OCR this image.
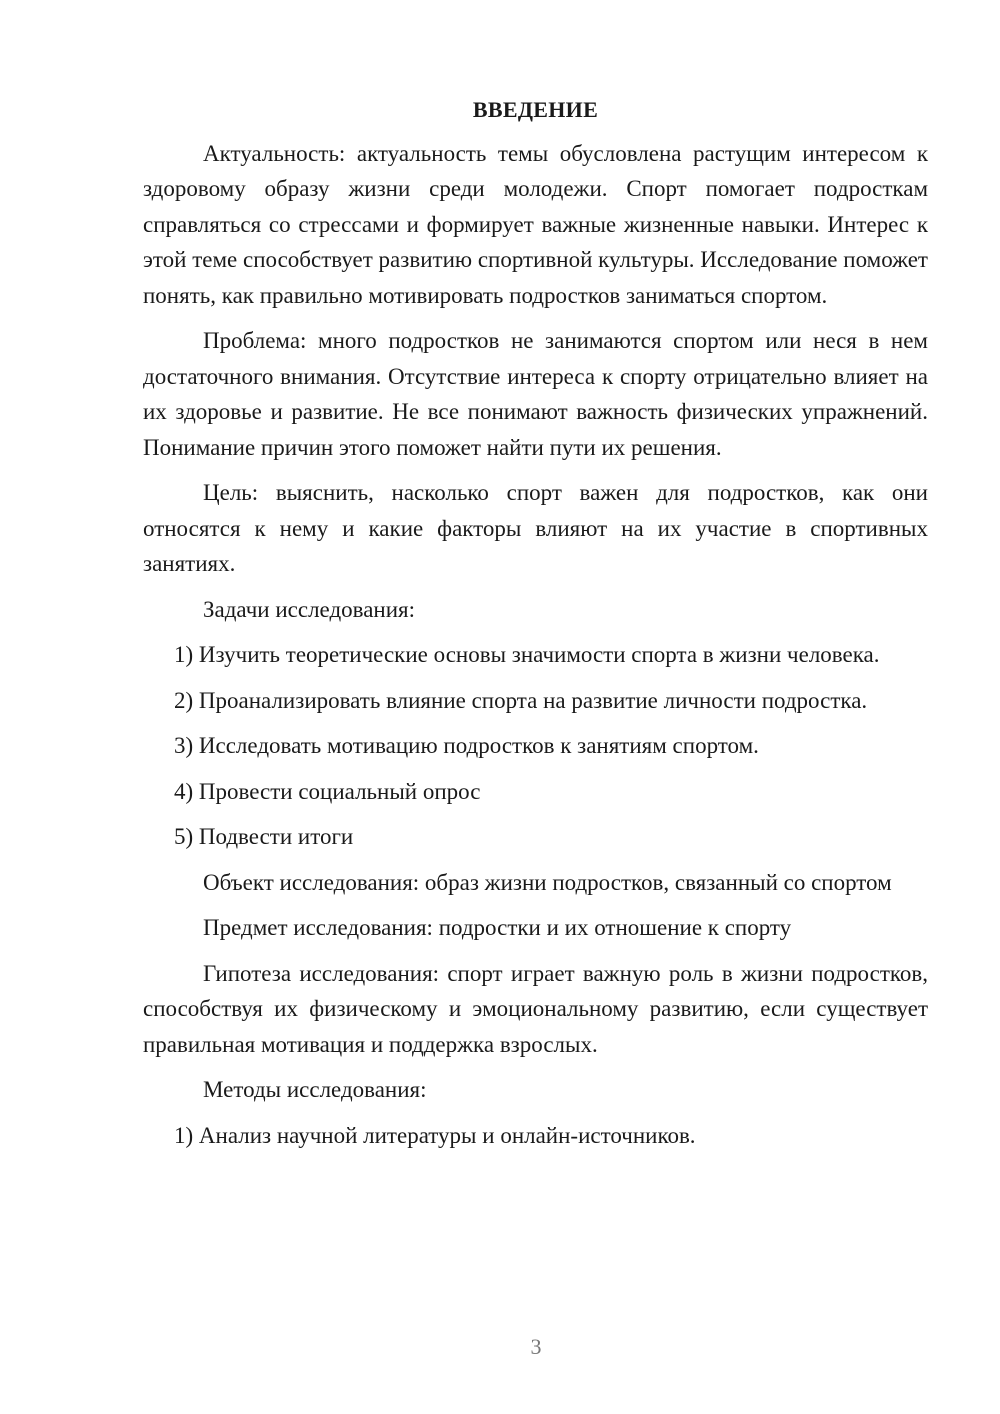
ВВЕДЕНИЕ

Актуальность: актуальность темы обусловлена растущим интересом к здоровому образу жизни среди молодежи. Спорт помогает подросткам справляться со стрессами и формирует важные жизненные навыки. Интерес к этой теме способствует развитию спортивной культуры. Исследование поможет понять, как правильно мотивировать подростков заниматься спортом.

Проблема: много подростков не занимаются спортом или неся в нем достаточного внимания. Отсутствие интереса к спорту отрицательно влияет на их здоровье и развитие. Не все понимают важность физических упражнений. Понимание причин этого поможет найти пути их решения.

Цель: выяснить, насколько спорт важен для подростков, как они относятся к нему и какие факторы влияют на их участие в спортивных занятиях.

Задачи исследования:

1) Изучить теоретические основы значимости спорта в жизни человека.

2) Проанализировать влияние спорта на развитие личности подростка.

3) Исследовать мотивацию подростков к занятиям спортом.

4) Провести социальный опрос

5) Подвести итоги

Объект исследования: образ жизни подростков, связанный со спортом

Предмет исследования: подростки и их отношение к спорту

Гипотеза исследования: спорт играет важную роль в жизни подростков, способствуя их физическому и эмоциональному развитию, если существует правильная мотивация и поддержка взрослых.

Методы исследования:

1) Анализ научной литературы и онлайн-источников.

3
